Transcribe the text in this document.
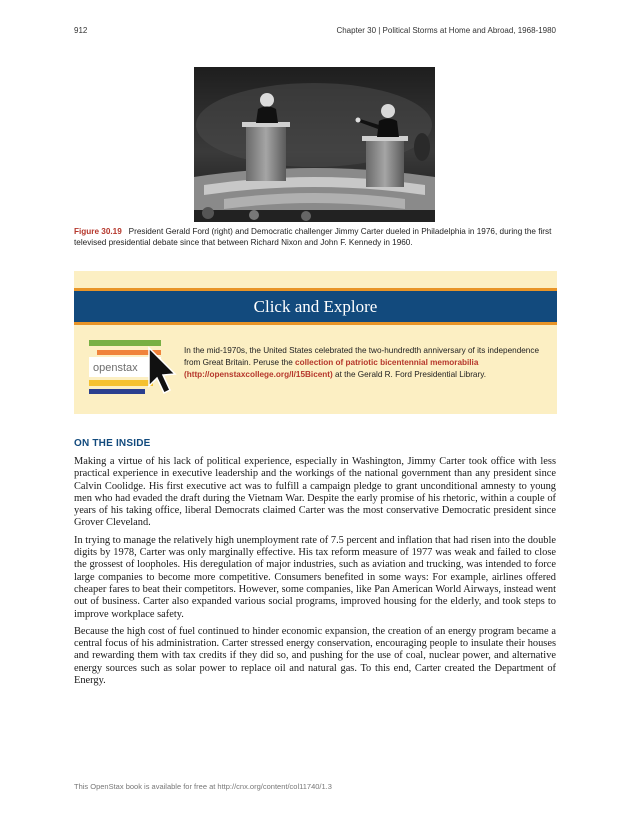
912	Chapter 30 | Political Storms at Home and Abroad, 1968-1980
Figure 30.19 President Gerald Ford (right) and Democratic challenger Jimmy Carter dueled in Philadelphia in 1976, during the first televised presidential debate since that between Richard Nixon and John F. Kennedy in 1960.
Click and Explore
openstax
In the mid-1970s, the United States celebrated the two-hundredth anniversary of its independence from Great Britain. Peruse the collection of patriotic bicentennial memorabilia (http://openstaxcollege.org/l/15Bicent) at the Gerald R. Ford Presidential Library.
ON THE INSIDE

Making a virtue of his lack of political experience, especially in Washington, Jimmy Carter took office with less practical experience in executive leadership and the workings of the national government than any president since Calvin Coolidge. His first executive act was to fulfill a campaign pledge to grant unconditional amnesty to young men who had evaded the draft during the Vietnam War. Despite the early promise of his rhetoric, within a couple of years of his taking office, liberal Democrats claimed Carter was the most conservative Democratic president since Grover Cleveland.

In trying to manage the relatively high unemployment rate of 7.5 percent and inflation that had risen into the double digits by 1978, Carter was only marginally effective. His tax reform measure of 1977 was weak and failed to close the grossest of loopholes. His deregulation of major industries, such as aviation and trucking, was intended to force large companies to become more competitive. Consumers benefited in some ways: For example, airlines offered cheaper fares to beat their competitors. However, some companies, like Pan American World Airways, instead went out of business. Carter also expanded various social programs, improved housing for the elderly, and took steps to improve workplace safety.

Because the high cost of fuel continued to hinder economic expansion, the creation of an energy program became a central focus of his administration. Carter stressed energy conservation, encouraging people to insulate their houses and rewarding them with tax credits if they did so, and pushing for the use of coal, nuclear power, and alternative energy sources such as solar power to replace oil and natural gas. To this end, Carter created the Department of Energy.

This OpenStax book is available for free at http://cnx.org/content/col11740/1.3
